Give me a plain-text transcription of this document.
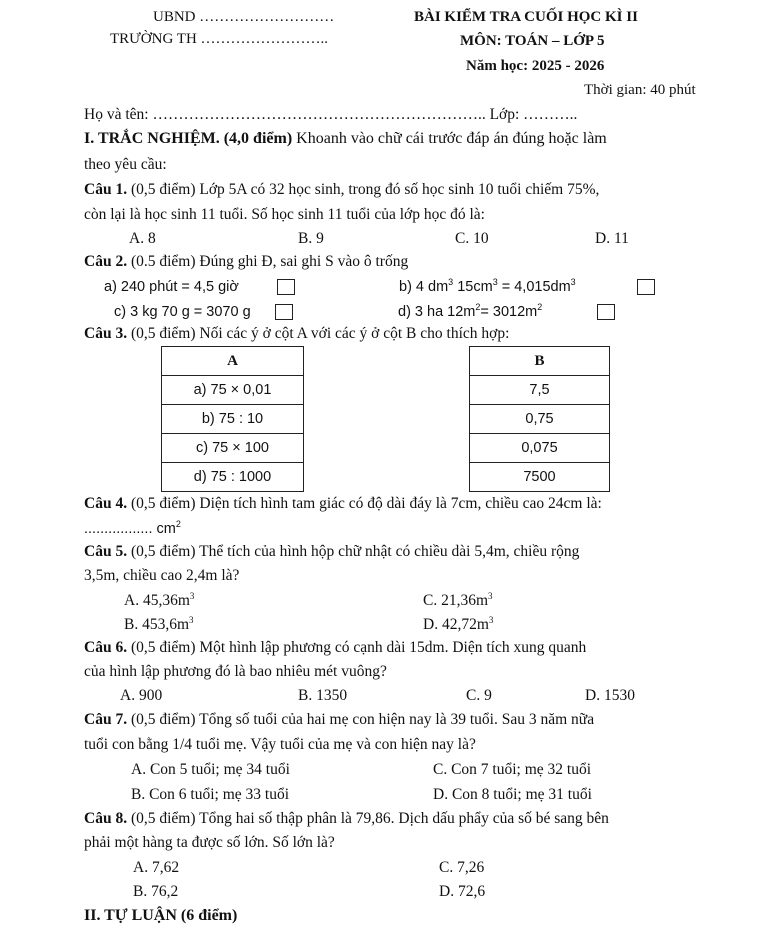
UBND ………………………
TRƯỜNG TH ……………………..
BÀI KIỂM TRA CUỐI HỌC KÌ II
MÔN: TOÁN – LỚP 5
Năm học: 2025 - 2026
Thời gian: 40 phút
Họ và tên: ……………………………………………………….. Lớp: ………..
I. TRẮC NGHIỆM. (4,0 điểm) Khoanh vào chữ cái trước đáp án đúng hoặc làm
theo yêu cầu:
Câu 1. (0,5 điểm) Lớp 5A có 32 học sinh, trong đó số học sinh 10 tuổi chiếm 75%,
còn lại là học sinh 11 tuổi. Số học sinh 11 tuổi của lớp học đó là:
A. 8	B. 9	C. 10	D. 11
Câu 2. (0.5 điểm) Đúng ghi Đ, sai ghi S vào ô trống
a) 240 phút = 4,5 giờ	b) 4 $dm^3$ $15cm^3 = 4,015dm^3$
c) 3 kg 70 g = 3070 g	d) 3 ha $12m^2= 3012m^2$
Câu 3. (0,5 điểm) Nối các ý ở cột A với các ý ở cột B cho thích hợp:
A
a) 75 × 0,01
b) 75 : 10
c) 75 × 100
d) 75 : 1000
B
7,5
0,75
0,075
7500
Câu 4. (0,5 điểm) Diện tích hình tam giác có độ dài đáy là 7cm, chiều cao 24cm là:
................. $cm^2$
Câu 5. (0,5 điểm) Thể tích của hình hộp chữ nhật có chiều dài 5,4m, chiều rộng
3,5m, chiều cao 2,4m là?
A. $45,36m^3$	C. $21,36m^3$
B. $453,6m^3$	D. $42,72m^3$
Câu 6. (0,5 điểm) Một hình lập phương có cạnh dài 15dm. Diện tích xung quanh
của hình lập phương đó là bao nhiêu mét vuông?
A. 900	B. 1350	C. 9	D. 1530
Câu 7. (0,5 điểm) Tổng số tuổi của hai mẹ con hiện nay là 39 tuổi. Sau 3 năm nữa
tuổi con bằng 1/4 tuổi mẹ. Vậy tuổi của mẹ và con hiện nay là?
A. Con 5 tuổi; mẹ 34 tuổi	C. Con 7 tuổi; mẹ 32 tuổi
B. Con 6 tuổi; mẹ 33 tuổi	D. Con 8 tuổi; mẹ 31 tuổi
Câu 8. (0,5 điểm) Tổng hai số thập phân là 79,86. Dịch dấu phẩy của số bé sang bên
phải một hàng ta được số lớn. Số lớn là?
A. 7,62	C. 7,26
B. 76,2	D. 72,6
II. TỰ LUẬN (6 điểm)
